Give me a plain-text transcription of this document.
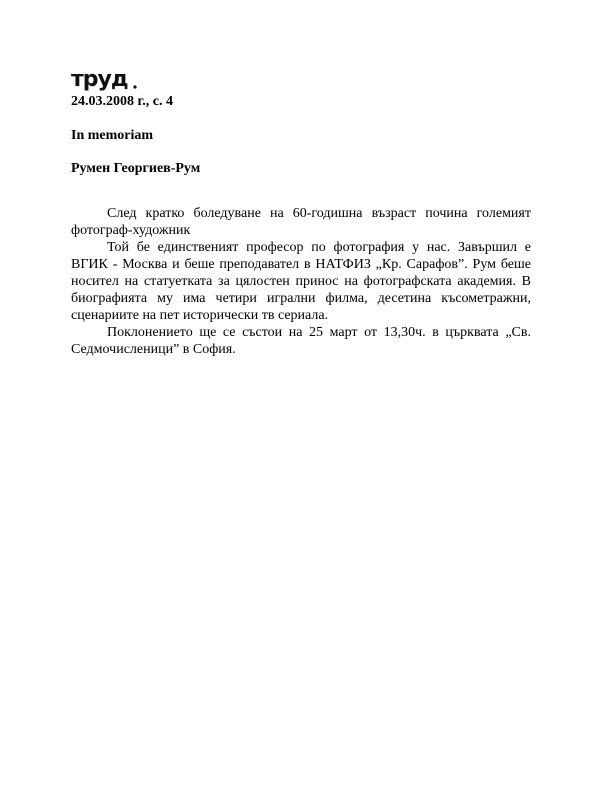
труд
24.03.2008 г., с. 4
In memoriam
Румен Георгиев-Рум

След кратко боледуване на 60-годишна възраст почина големият фотограф-художник

Той бе единственият професор по фотография у нас. Завършил е ВГИК - Москва и беше преподавател в НАТФИЗ „Кр. Сарафов”. Рум беше носител на статуетката за цялостен принос на фотографската академия. В биографията му има четири игрални филма, десетина късометражни, сценариите на пет исторически тв сериала.

Поклонението ще се състои на 25 март от 13,30ч. в църквата „Св. Седмочисленици” в София.
